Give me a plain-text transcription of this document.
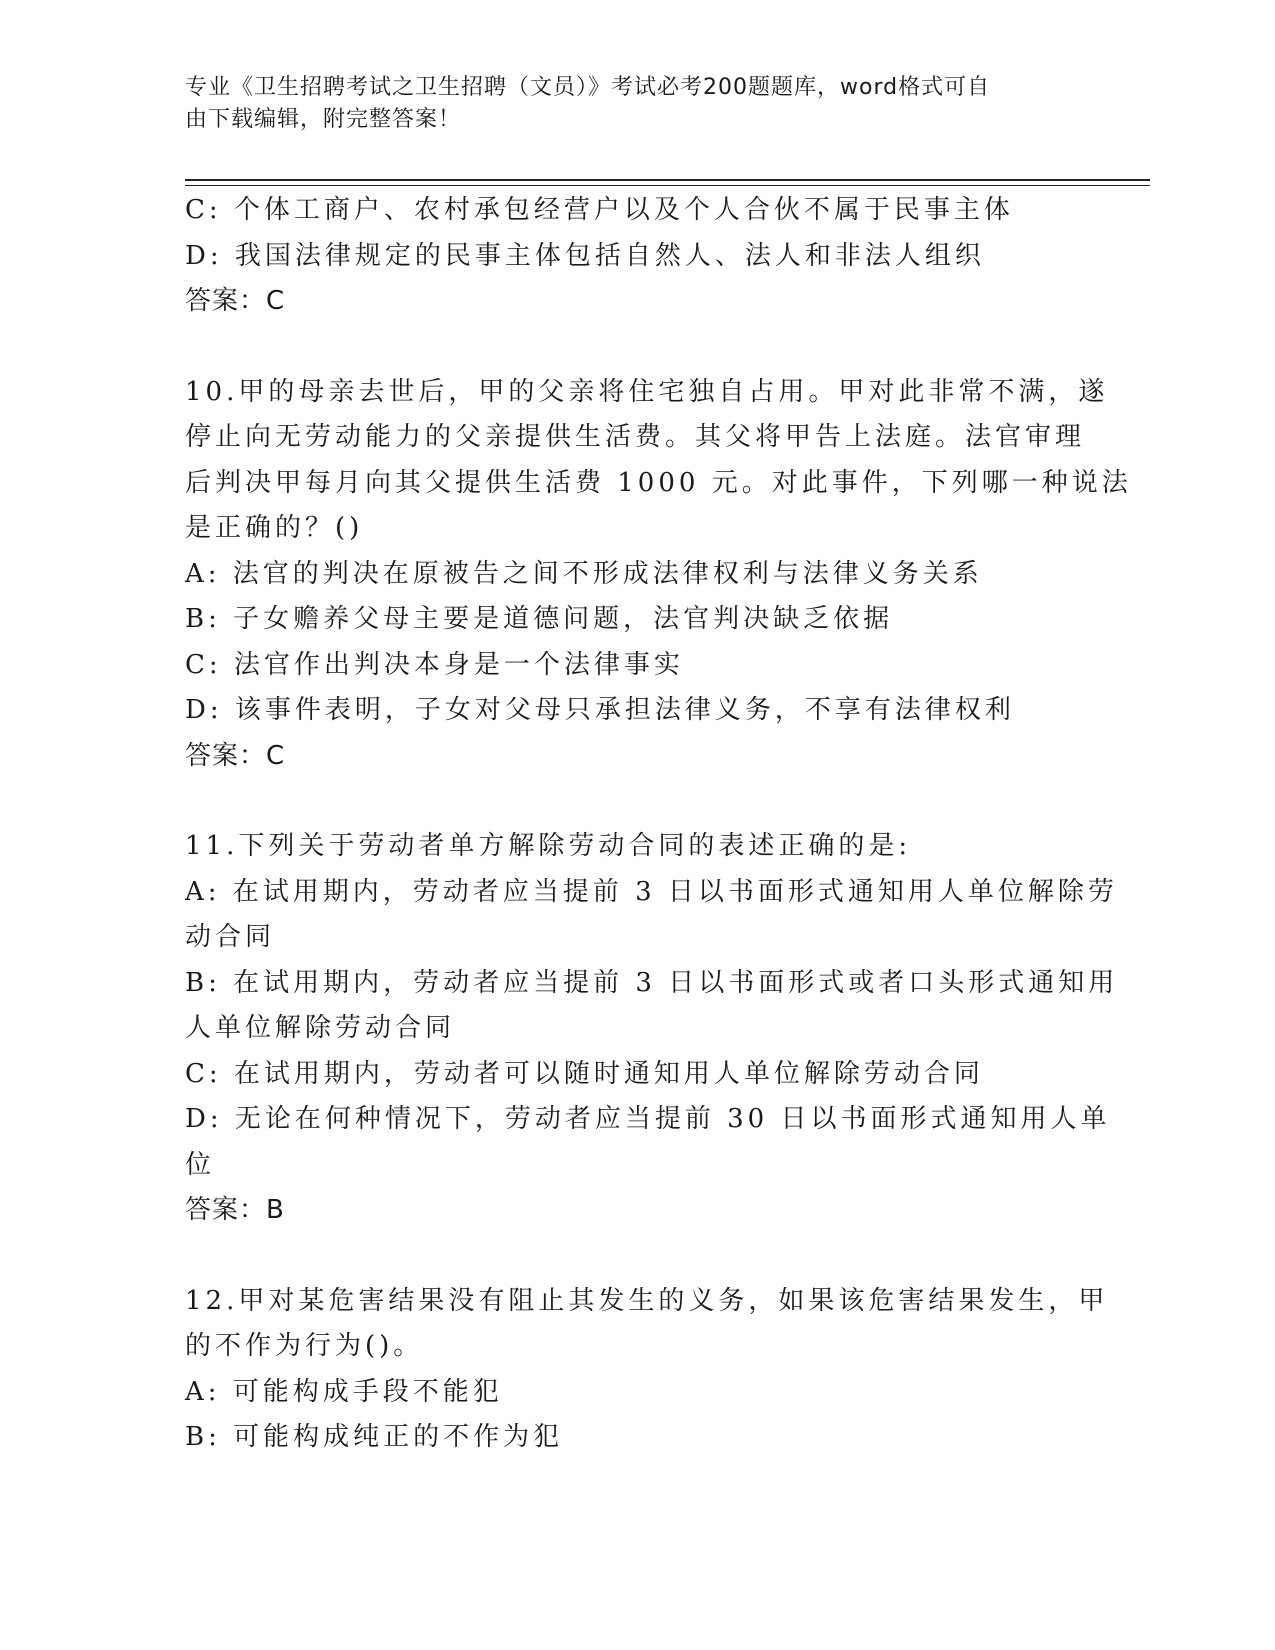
专业《卫生招聘考试之卫生招聘（文员）》考试必考200题题库，word格式可自
由下载编辑，附完整答案！
C: 个体工商户、农村承包经营户以及个人合伙不属于民事主体
D: 我国法律规定的民事主体包括自然人、法人和非法人组织
答案：C
10.甲的母亲去世后，甲的父亲将住宅独自占用。甲对此非常不满，遂
停止向无劳动能力的父亲提供生活费。其父将甲告上法庭。法官审理
后判决甲每月向其父提供生活费 1000 元。对此事件，下列哪一种说法
是正确的？()
A: 法官的判决在原被告之间不形成法律权利与法律义务关系
B: 子女赡养父母主要是道德问题，法官判决缺乏依据
C: 法官作出判决本身是一个法律事实
D: 该事件表明，子女对父母只承担法律义务，不享有法律权利
答案：C
11.下列关于劳动者单方解除劳动合同的表述正确的是:
A: 在试用期内，劳动者应当提前 3 日以书面形式通知用人单位解除劳
动合同
B: 在试用期内，劳动者应当提前 3 日以书面形式或者口头形式通知用
人单位解除劳动合同
C: 在试用期内，劳动者可以随时通知用人单位解除劳动合同
D: 无论在何种情况下，劳动者应当提前 30 日以书面形式通知用人单
位
答案：B
12.甲对某危害结果没有阻止其发生的义务，如果该危害结果发生，甲
的不作为行为()。
A: 可能构成手段不能犯
B: 可能构成纯正的不作为犯
